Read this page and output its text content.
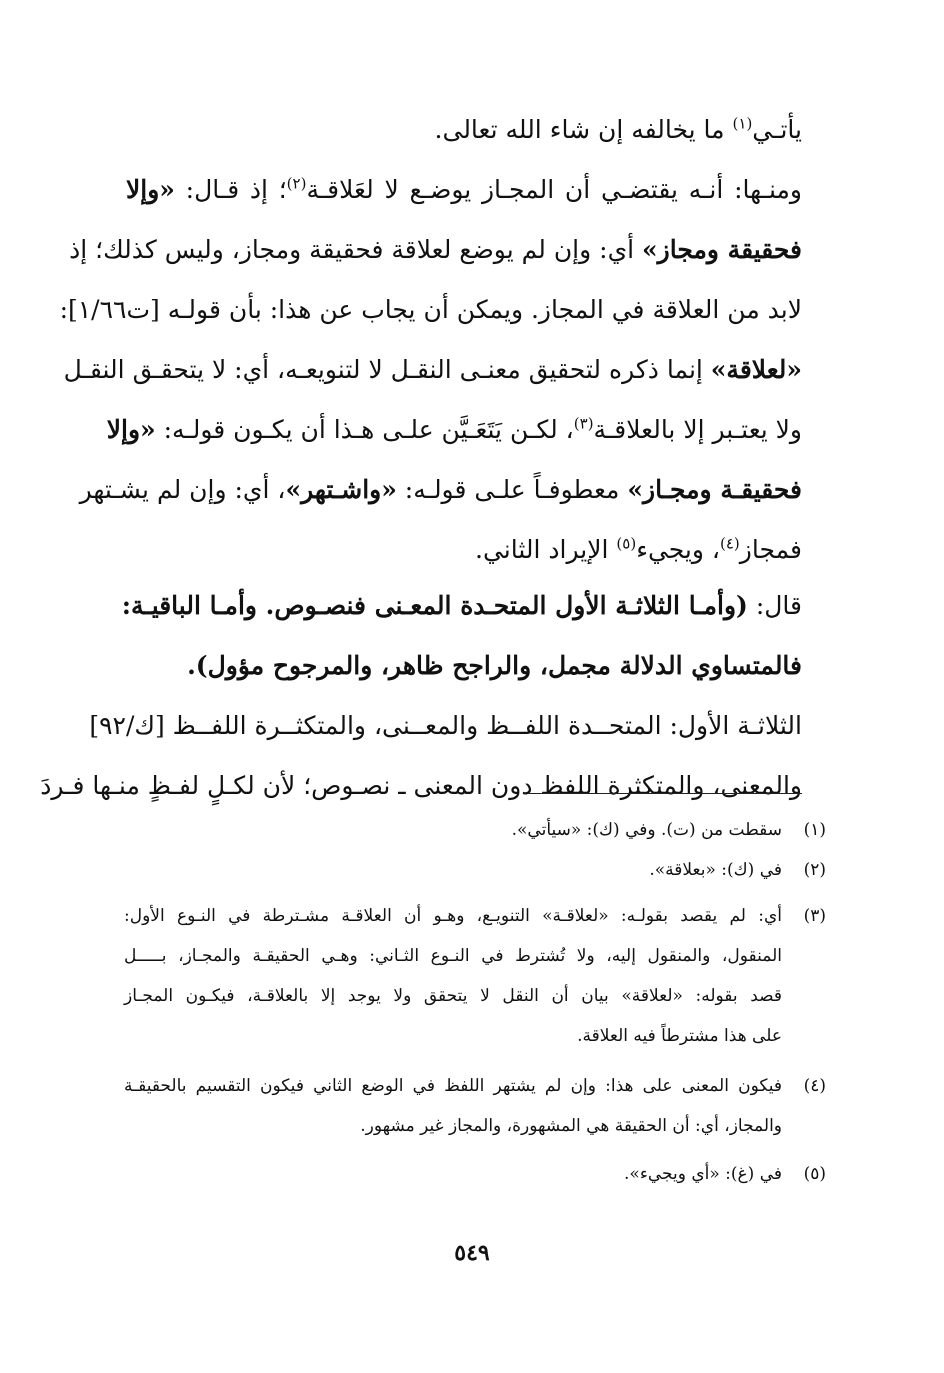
يأتـي$^{(١)}$ ما يخالفه إن شاء الله تعالى.

ومنـها: أنـه يقتضـي أن المجـاز يوضـع لا لعَلاقـة$^{(٢)}$؛ إذ قـال: «وإلا

فحقيقة ومجاز» أي: وإن لم يوضع لعلاقة فحقيقة ومجاز، وليس كذلك؛ إذ

لابد من العلاقة في المجاز. ويمكن أن يجاب عن هذا: بأن قولـه [ت١/٦٦]:

«لعلاقة» إنما ذكره لتحقيق معنـى النقـل لا لتنويعـه، أي: لا يتحقـق النقـل

ولا يعتـبر إلا بالعلاقـة$^{(٣)}$، لكـن يَتَعَـيَّن علـى هـذا أن يكـون قولـه: «وإلا

فحقيقـة ومجـاز» معطوفـاً علـى قولـه: «واشـتهر»، أي: وإن لم يشـتهر

فمجاز$^{(٤)}$، ويجيء$^{(٥)}$ الإيراد الثاني.

قال: (وأمـا الثلاثـة الأول المتحـدة المعـنى فنصـوص. وأمـا الباقيـة:

فالمتساوي الدلالة مجمل، والراجح ظاهر، والمرجوح مؤول).

الثلاثـة الأول: المتحــدة اللفــظ والمعــنى، والمتكثــرة اللفــظ [ك/٩٢]

والمعنى، والمتكثرة اللفظ دون المعنى ـ نصـوص؛ لأن لكـلٍ لفـظٍ منـها فـردَ

(١)سقطت من (ت). وفي (ك): «سيأتي».

(٢)في (ك): «بعلاقة».

(٣)أي: لم يقصد بقولـه: «لعلاقـة» التنويـع، وهـو أن العلاقـة مشـترطة في النـوع الأول:

المنقول، والمنقول إليه، ولا تُشترط في النـوع الثـاني: وهـي الحقيقـة والمجـاز، بـــــل

قصد بقوله: «لعلاقة» بيان أن النقل لا يتحقق ولا يوجد إلا بالعلاقـة، فيكـون المجـاز

على هذا مشترطاً فيه العلاقة.

(٤)فيكون المعنى على هذا: وإن لم يشتهر اللفظ في الوضع الثاني فيكون التقسيم بالحقيقـة

والمجاز، أي: أن الحقيقة هي المشهورة، والمجاز غير مشهور.

(٥)في (غ): «أي ويجيء».

٥٤٩
